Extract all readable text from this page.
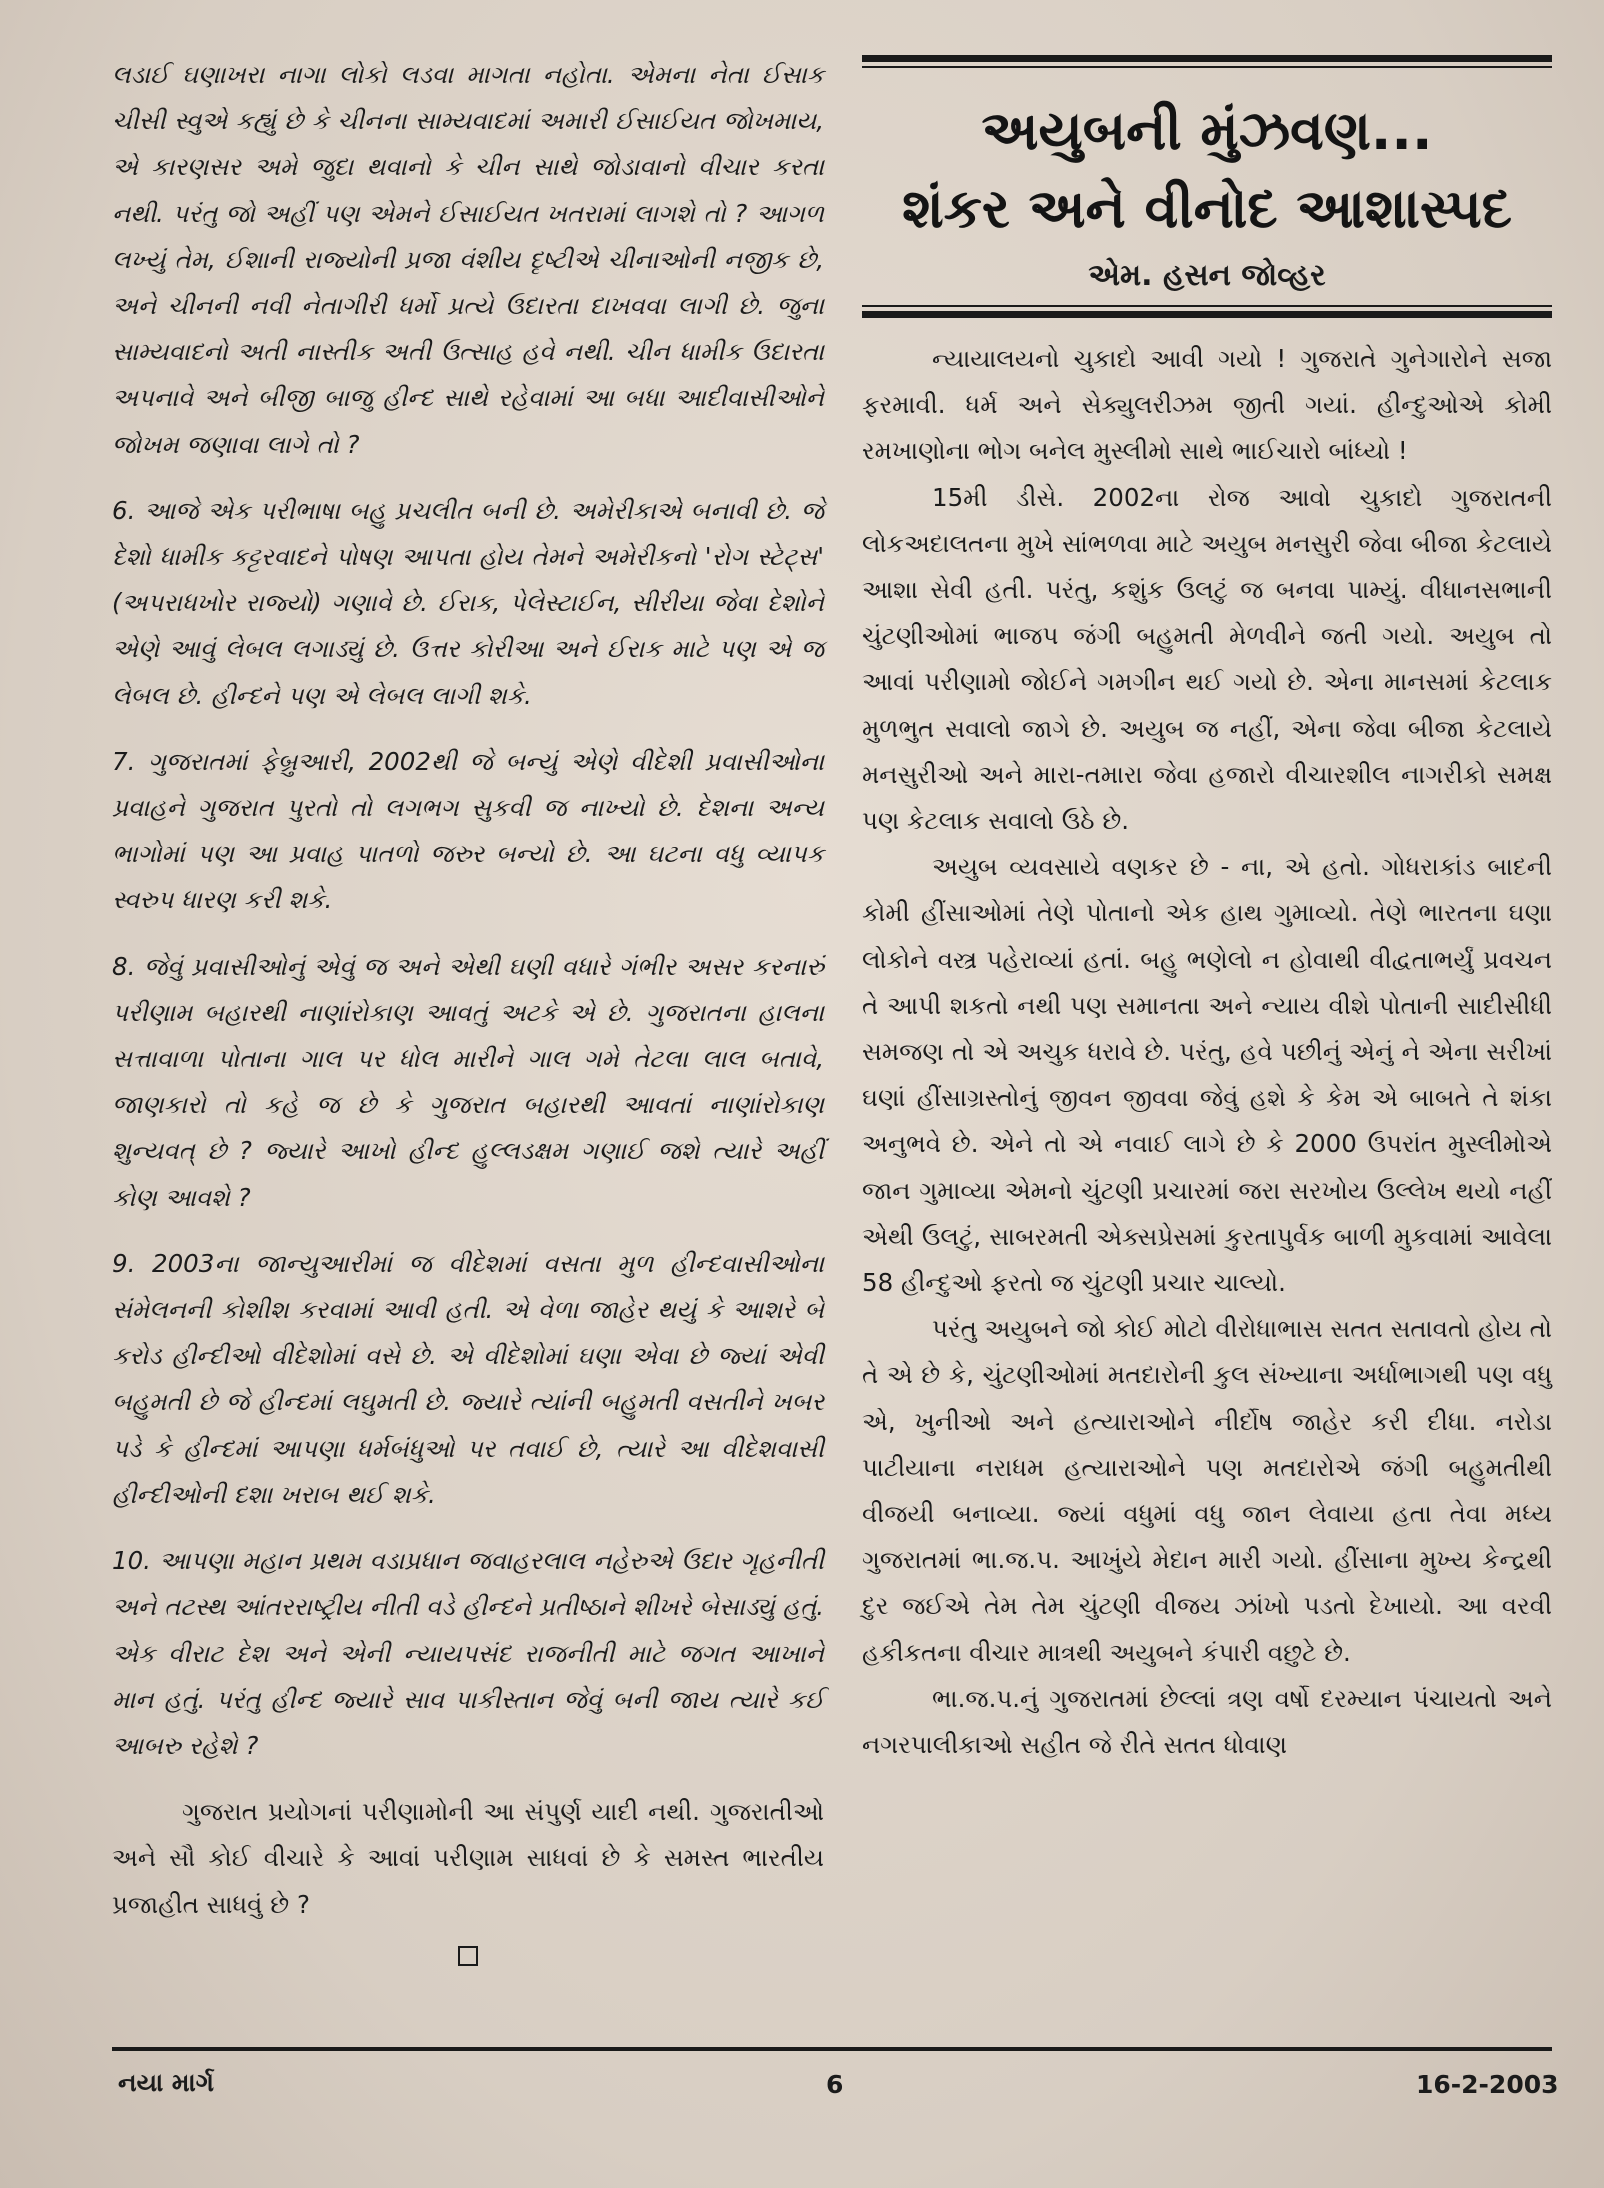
લડાઈ ઘણાખરા નાગા લોકો લડવા માગતા નહોતા. એમના નેતા ઈસાક ચીસી સ્વુએ કહ્યું છે કે ચીનના સામ્યવાદમાં અમારી ઈસાઈયત જોખમાય, એ કારણસર અમે જુદા થવાનો કે ચીન સાથે જોડાવાનો વીચાર કરતા નથી. પરંતુ જો અહીં પણ એમને ઈસાઈયત ખતરામાં લાગશે તો ? આગળ લખ્યું તેમ, ઈશાની રાજ્યોની પ્રજા વંશીય દૃષ્ટીએ ચીનાઓની નજીક છે, અને ચીનની નવી નેતાગીરી ધર્મો પ્રત્યે ઉદારતા દાખવવા લાગી છે. જુના સામ્યવાદનો અતી નાસ્તીક અતી ઉત્સાહ હવે નથી. ચીન ધામીક ઉદારતા અપનાવે અને બીજી બાજુ હીન્દ સાથે રહેવામાં આ બધા આદીવાસીઓને જોખમ જણાવા લાગે તો ?

6. આજે એક પરીભાષા બહુ પ્રચલીત બની છે. અમેરીકાએ બનાવી છે. જે દેશો ધામીક કટ્ટરવાદને પોષણ આપતા હોય તેમને અમેરીકનો 'રોગ સ્ટેટ્સ' (અપરાધખોર રાજ્યો) ગણાવે છે. ઈરાક, પેલેસ્ટાઈન, સીરીયા જેવા દેશોને એણે આવું લેબલ લગાડ્યું છે. ઉત્તર કોરીઆ અને ઈરાક માટે પણ એ જ લેબલ છે. હીન્દને પણ એ લેબલ લાગી શકે.

7. ગુજરાતમાં ફેબ્રુઆરી, 2002થી જે બન્યું એણે વીદેશી પ્રવાસીઓના પ્રવાહને ગુજરાત પુરતો તો લગભગ સુકવી જ નાખ્યો છે. દેશના અન્ય ભાગોમાં પણ આ પ્રવાહ પાતળો જરુર બન્યો છે. આ ઘટના વધુ વ્યાપક સ્વરુપ ધારણ કરી શકે.

8. જેવું પ્રવાસીઓનું એવું જ અને એથી ઘણી વધારે ગંભીર અસર કરનારું પરીણામ બહારથી નાણાંરોકાણ આવતું અટકે એ છે. ગુજરાતના હાલના સત્તાવાળા પોતાના ગાલ પર ધોલ મારીને ગાલ ગમે તેટલા લાલ બતાવે, જાણકારો તો કહે જ છે કે ગુજરાત બહારથી આવતાં નાણાંરોકાણ શુન્યવત્ છે ? જ્યારે આખો હીન્દ હુલ્લડક્ષમ ગણાઈ જશે ત્યારે અહીં કોણ આવશે ?

9. 2003ના જાન્યુઆરીમાં જ વીદેશમાં વસતા મુળ હીન્દવાસીઓના સંમેલનની કોશીશ કરવામાં આવી હતી. એ વેળા જાહેર થયું કે આશરે બે કરોડ હીન્દીઓ વીદેશોમાં વસે છે. એ વીદેશોમાં ઘણા એવા છે જ્યાં એવી બહુમતી છે જે હીન્દમાં લઘુમતી છે. જ્યારે ત્યાંની બહુમતી વસતીને ખબર પડે કે હીન્દમાં આપણા ધર્મબંધુઓ પર તવાઈ છે, ત્યારે આ વીદેશવાસી હીન્દીઓની દશા ખરાબ થઈ શકે.

10. આપણા મહાન પ્રથમ વડાપ્રધાન જવાહરલાલ નહેરુએ ઉદાર ગૃહનીતી અને તટસ્થ આંતરરાષ્ટ્રીય નીતી વડે હીન્દને પ્રતીષ્ઠાને શીખરે બેસાડ્યું હતું. એક વીરાટ દેશ અને એની ન્યાયપસંદ રાજનીતી માટે જગત આખાને માન હતું. પરંતુ હીન્દ જ્યારે સાવ પાકીસ્તાન જેવું બની જાય ત્યારે કઈ આબરુ રહેશે ?

ગુજરાત પ્રયોગનાં પરીણામોની આ સંપુર્ણ યાદી નથી. ગુજરાતીઓ અને સૌ કોઈ વીચારે કે આવાં પરીણામ સાધવાં છે કે સમસ્ત ભારતીય પ્રજાહીત સાધવું છે ?

અયુબની મુંઝવણ...
શંકર અને વીનોદ આશાસ્પદ
એમ. હસન જોવ્હર

ન્યાયાલયનો ચુકાદો આવી ગયો ! ગુજરાતે ગુનેગારોને સજા ફરમાવી. ધર્મ અને સેક્યુલરીઝમ જીતી ગયાં. હીન્દુઓએ કોમી રમખાણોના ભોગ બનેલ મુસ્લીમો સાથે ભાઈચારો બાંધ્યો !

15મી ડીસે. 2002ના રોજ આવો ચુકાદો ગુજરાતની લોકઅદાલતના મુખે સાંભળવા માટે અયુબ મનસુરી જેવા બીજા કેટલાયે આશા સેવી હતી. પરંતુ, કશુંક ઉલટું જ બનવા પામ્યું. વીધાનસભાની ચુંટણીઓમાં ભાજપ જંગી બહુમતી મેળવીને જતી ગયો. અયુબ તો આવાં પરીણામો જોઈને ગમગીન થઈ ગયો છે. એના માનસમાં કેટલાક મુળભુત સવાલો જાગે છે. અયુબ જ નહીં, એના જેવા બીજા કેટલાયે મનસુરીઓ અને મારા-તમારા જેવા હજારો વીચારશીલ નાગરીકો સમક્ષ પણ કેટલાક સવાલો ઉઠે છે.

અયુબ વ્યવસાયે વણકર છે - ના, એ હતો. ગોધરાકાંડ બાદની કોમી હીંસાઓમાં તેણે પોતાનો એક હાથ ગુમાવ્યો. તેણે ભારતના ઘણા લોકોને વસ્ત્ર પહેરાવ્યાં હતાં. બહુ ભણેલો ન હોવાથી વીદ્વતાભર્યું પ્રવચન તે આપી શકતો નથી પણ સમાનતા અને ન્યાય વીશે પોતાની સાદીસીધી સમજણ તો એ અચુક ધરાવે છે. પરંતુ, હવે પછીનું એનું ને એના સરીખાં ઘણાં હીંસાગ્રસ્તોનું જીવન જીવવા જેવું હશે કે કેમ એ બાબતે તે શંકા અનુભવે છે. એને તો એ નવાઈ લાગે છે કે 2000 ઉપરાંત મુસ્લીમોએ જાન ગુમાવ્યા એમનો ચુંટણી પ્રચારમાં જરા સરખોય ઉલ્લેખ થયો નહીં એથી ઉલટું, સાબરમતી એક્સપ્રેસમાં કુરતાપુર્વક બાળી મુકવામાં આવેલા 58 હીન્દુઓ ફરતો જ ચુંટણી પ્રચાર ચાલ્યો.

પરંતુ અયુબને જો કોઈ મોટો વીરોધાભાસ સતત સતાવતો હોય તો તે એ છે કે, ચુંટણીઓમાં મતદારોની કુલ સંખ્યાના અર્ધાભાગથી પણ વધુ એ, ખુનીઓ અને હત્યારાઓને નીર્દોષ જાહેર કરી દીધા. નરોડા પાટીયાના નરાધમ હત્યારાઓને પણ મતદારોએ જંગી બહુમતીથી વીજયી બનાવ્યા. જ્યાં વધુમાં વધુ જાન લેવાયા હતા તેવા મધ્ય ગુજરાતમાં ભા.જ.પ. આખુંયે મેદાન મારી ગયો. હીંસાના મુખ્ય કેન્દ્રથી દુર જઈએ તેમ તેમ ચુંટણી વીજય ઝાંખો પડતો દેખાયો. આ વરવી હકીકતના વીચાર માત્રથી અયુબને કંપારી વછુટે છે.

ભા.જ.પ.નું ગુજરાતમાં છેલ્લાં ત્રણ વર્ષો દરમ્યાન પંચાયતો અને નગરપાલીકાઓ સહીત જે રીતે સતત ધોવાણ

નયા માર્ગ	6	16-2-2003
